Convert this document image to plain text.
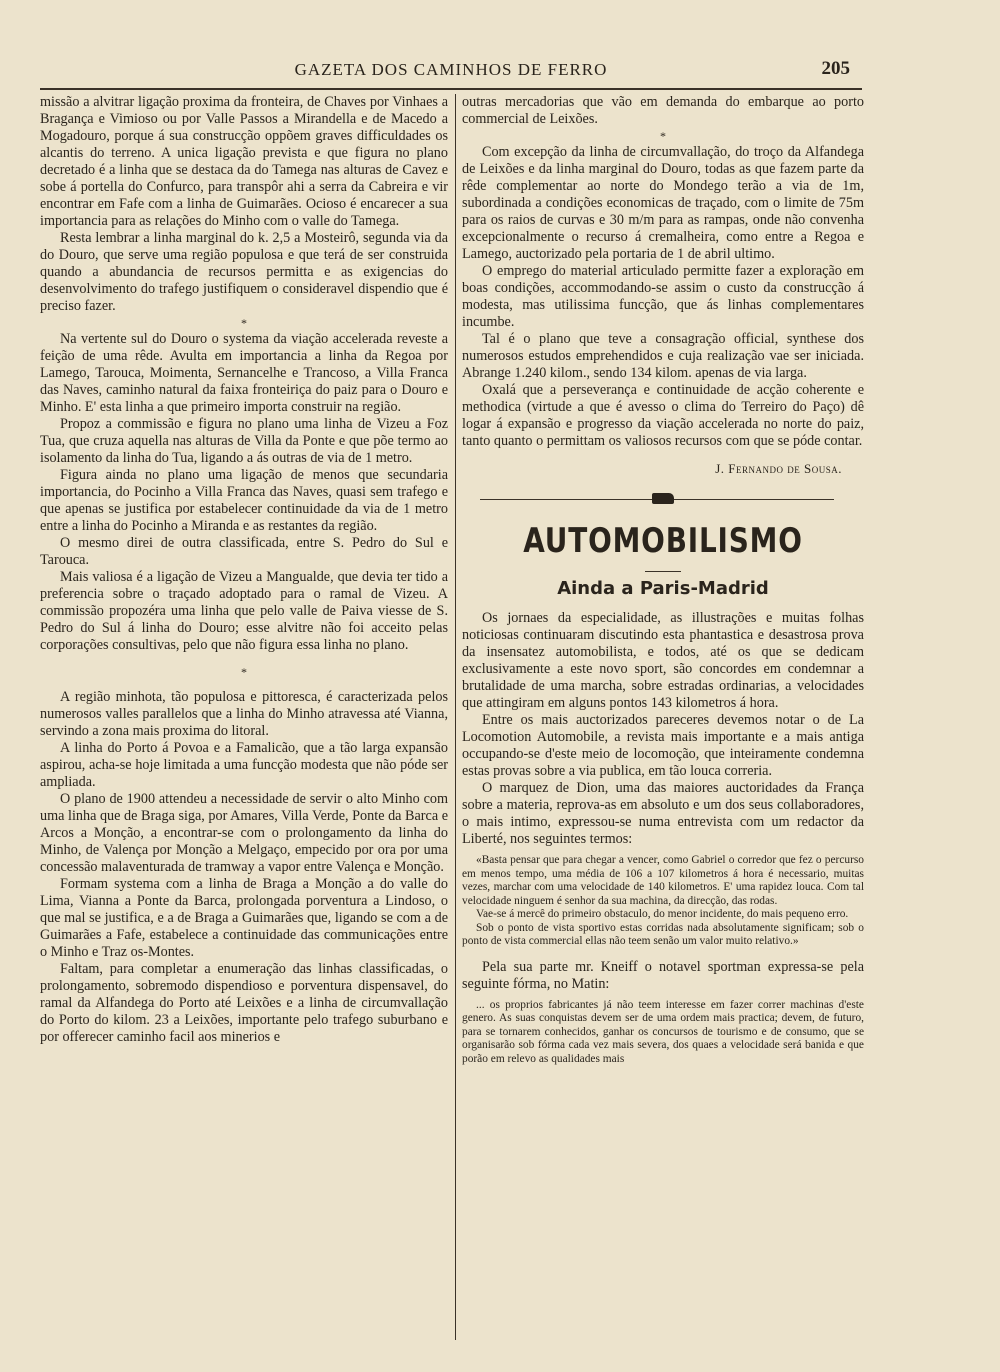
GAZETA DOS CAMINHOS DE FERRO	205

missão a alvitrar ligação proxima da fronteira, de Chaves por Vinhaes a Bragança e Vimioso ou por Valle Passos a Mirandella e de Macedo a Mogadouro, porque á sua construcção oppõem graves difficuldades os alcantis do terreno. A unica ligação prevista e que figura no plano decretado é a linha que se destaca da do Tamega nas alturas de Cavez e sobe á portella do Confurco, para transpôr ahi a serra da Cabreira e vir encontrar em Fafe com a linha de Guimarães. Ocioso é encarecer a sua importancia para as relações do Minho com o valle do Tamega.

Resta lembrar a linha marginal do k. 2,5 a Mosteirô, segunda via da do Douro, que serve uma região populosa e que terá de ser construida quando a abundancia de recursos permitta e as exigencias do desenvolvimento do trafego justifiquem o consideravel dispendio que é preciso fazer.

*

Na vertente sul do Douro o systema da viação accelerada reveste a feição de uma rêde. Avulta em importancia a linha da Regoa por Lamego, Tarouca, Moimenta, Sernancelhe e Trancoso, a Villa Franca das Naves, caminho natural da faixa fronteiriça do paiz para o Douro e Minho. E' esta linha a que primeiro importa construir na região.

Propoz a commissão e figura no plano uma linha de Vizeu a Foz Tua, que cruza aquella nas alturas de Villa da Ponte e que põe termo ao isolamento da linha do Tua, ligando a ás outras de via de 1 metro.

Figura ainda no plano uma ligação de menos que secundaria importancia, do Pocinho a Villa Franca das Naves, quasi sem trafego e que apenas se justifica por estabelecer continuidade da via de 1 metro entre a linha do Pocinho a Miranda e as restantes da região.

O mesmo direi de outra classificada, entre S. Pedro do Sul e Tarouca.

Mais valiosa é a ligação de Vizeu a Mangualde, que devia ter tido a preferencia sobre o traçado adoptado para o ramal de Vizeu. A commissão propozéra uma linha que pelo valle de Paiva viesse de S. Pedro do Sul á linha do Douro; esse alvitre não foi acceito pelas corporações consultivas, pelo que não figura essa linha no plano.

*

A região minhota, tão populosa e pittoresca, é caracterizada pelos numerosos valles parallelos que a linha do Minho atravessa até Vianna, servindo a zona mais proxima do litoral.

A linha do Porto á Povoa e a Famalicão, que a tão larga expansão aspirou, acha-se hoje limitada a uma funcção modesta que não póde ser ampliada.

O plano de 1900 attendeu a necessidade de servir o alto Minho com uma linha que de Braga siga, por Amares, Villa Verde, Ponte da Barca e Arcos a Monção, a encontrar-se com o prolongamento da linha do Minho, de Valença por Monção a Melgaço, empecido por ora por uma concessão malaventurada de tramway a vapor entre Valença e Monção.

Formam systema com a linha de Braga a Monção a do valle do Lima, Vianna a Ponte da Barca, prolongada porventura a Lindoso, o que mal se justifica, e a de Braga a Guimarães que, ligando se com a de Guimarães a Fafe, estabelece a continuidade das communicações entre o Minho e Traz os-Montes.

Faltam, para completar a enumeração das linhas classificadas, o prolongamento, sobremodo dispendioso e porventura dispensavel, do ramal da Alfandega do Porto até Leixões e a linha de circumvallação do Porto do kilom. 23 a Leixões, importante pelo trafego suburbano e por offerecer caminho facil aos minerios e

outras mercadorias que vão em demanda do embarque ao porto commercial de Leixões.

*

Com excepção da linha de circumvallação, do troço da Alfandega de Leixões e da linha marginal do Douro, todas as que fazem parte da rêde complementar ao norte do Mondego terão a via de 1m, subordinada a condições economicas de traçado, com o limite de 75m para os raios de curvas e 30 m/m para as rampas, onde não convenha excepcionalmente o recurso á cremalheira, como entre a Regoa e Lamego, auctorizado pela portaria de 1 de abril ultimo.

O emprego do material articulado permitte fazer a exploração em boas condições, accommodando-se assim o custo da construcção á modesta, mas utilissima funcção, que ás linhas complementares incumbe.

Tal é o plano que teve a consagração official, synthese dos numerosos estudos emprehendidos e cuja realização vae ser iniciada. Abrange 1.240 kilom., sendo 134 kilom. apenas de via larga.

Oxalá que a perseverança e continuidade de acção coherente e methodica (virtude a que é avesso o clima do Terreiro do Paço) dê logar á expansão e progresso da viação accelerada no norte do paiz, tanto quanto o permittam os valiosos recursos com que se póde contar.

J. Fernando de Sousa.
AUTOMOBILISMO
Ainda a Paris-Madrid

Os jornaes da especialidade, as illustrações e muitas folhas noticiosas continuaram discutindo esta phantastica e desastrosa prova da insensatez automobilista, e todos, até os que se dedicam exclusivamente a este novo sport, são concordes em condemnar a brutalidade de uma marcha, sobre estradas ordinarias, a velocidades que attingiram em alguns pontos 143 kilometros á hora.

Entre os mais auctorizados pareceres devemos notar o de La Locomotion Automobile, a revista mais importante e a mais antiga occupando-se d'este meio de locomoção, que inteiramente condemna estas provas sobre a via publica, em tão louca correria.

O marquez de Dion, uma das maiores auctoridades da França sobre a materia, reprova-as em absoluto e um dos seus collaboradores, o mais intimo, expressou-se numa entrevista com um redactor da Liberté, nos seguintes termos:

«Basta pensar que para chegar a vencer, como Gabriel o corredor que fez o percurso em menos tempo, uma média de 106 a 107 kilometros á hora é necessario, muitas vezes, marchar com uma velocidade de 140 kilometros. E' uma rapidez louca. Com tal velocidade ninguem é senhor da sua machina, da direcção, das rodas.

Vae-se á mercê do primeiro obstaculo, do menor incidente, do mais pequeno erro.

Sob o ponto de vista sportivo estas corridas nada absolutamente significam; sob o ponto de vista commercial ellas não teem senão um valor muito relativo.»

Pela sua parte mr. Kneiff o notavel sportman expressa-se pela seguinte fórma, no Matin:

... os proprios fabricantes já não teem interesse em fazer correr machinas d'este genero. As suas conquistas devem ser de uma ordem mais practica; devem, de futuro, para se tornarem conhecidos, ganhar os concursos de tourismo e de consumo, que se organisarão sob fórma cada vez mais severa, dos quaes a velocidade será banida e que porão em relevo as qualidades mais
